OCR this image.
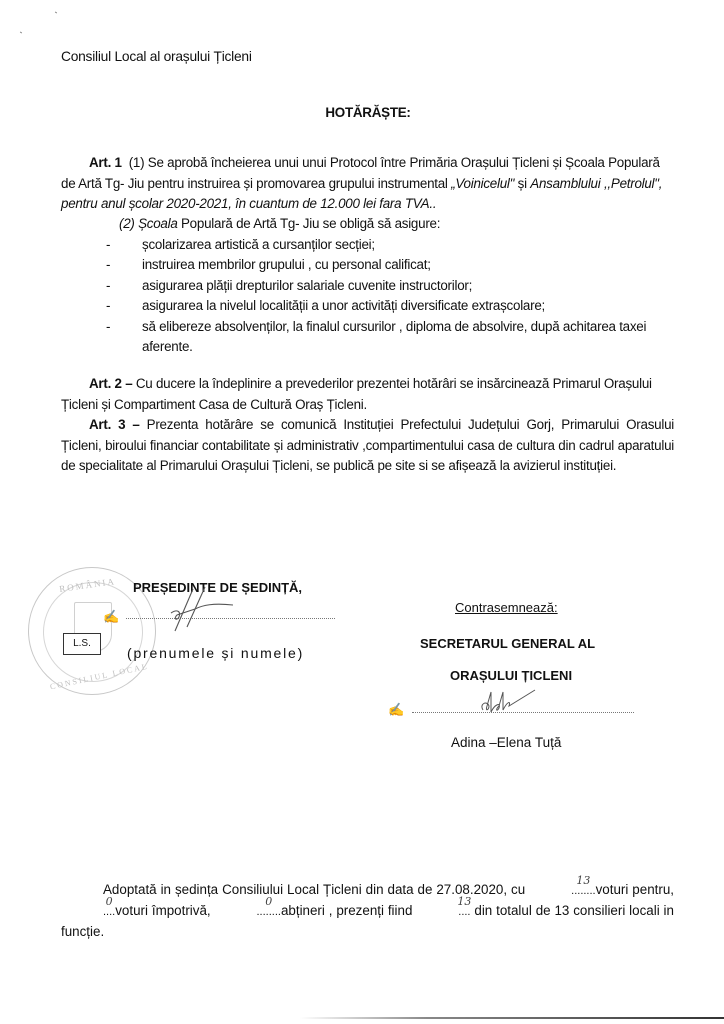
Consiliul Local al orașului Țicleni
HOTĂRĂȘTE:
Art. 1 (1) Se aprobă încheierea unui unui Protocol între Primăria Orașului Țicleni și Școala Populară de Artă Tg- Jiu pentru instruirea și promovarea grupului instrumental „Voinicelul" și Ansamblului ,,Petrolul", pentru anul școlar 2020-2021, în cuantum de 12.000 lei fara TVA..
(2) Școala Populară de Artă Tg- Jiu se obligă să asigure:
- școlarizarea artistică a cursanților secției;
- instruirea membrilor grupului , cu personal calificat;
- asigurarea plății drepturilor salariale cuvenite instructorilor;
- asigurarea la nivelul localității a unor activități diversificate extrașcolare;
- să elibereze absolvenților, la finalul cursurilor , diploma de absolvire, după achitarea taxei aferente.
Art. 2 – Cu ducere la îndeplinire a prevederilor prezentei hotărâri se insărcinează Primarul Orașului Țicleni și Compartiment Casa de Cultură Oraș Țicleni.
Art. 3 – Prezenta hotărâre se comunică Instituției Prefectului Județului Gorj, Primarului Orasului Țicleni, biroului financiar contabilitate și administrativ ,compartimentului casa de cultura din cadrul aparatului de specialitate al Primarului Orașului Țicleni, se publică pe site si se afișează la avizierul instituției.
ROMÂNIA
CONSILIUL LOCAL
L.S.
PREȘEDINTE DE ȘEDINȚĂ,
✍
(prenumele și numele)
Contrasemnează:
SECRETARUL GENERAL AL
ORAȘULUI ȚICLENI
✍
Adina –Elena Tuță
Adoptată in ședința Consiliului Local Țicleni din data de 27.08.2020, cu	........
13
voturi pentru, ....
0
voturi împotrivă,	........
0
abțineri , prezenți fiind	....
13
din totalul de 13 consilieri locali in funcție.
